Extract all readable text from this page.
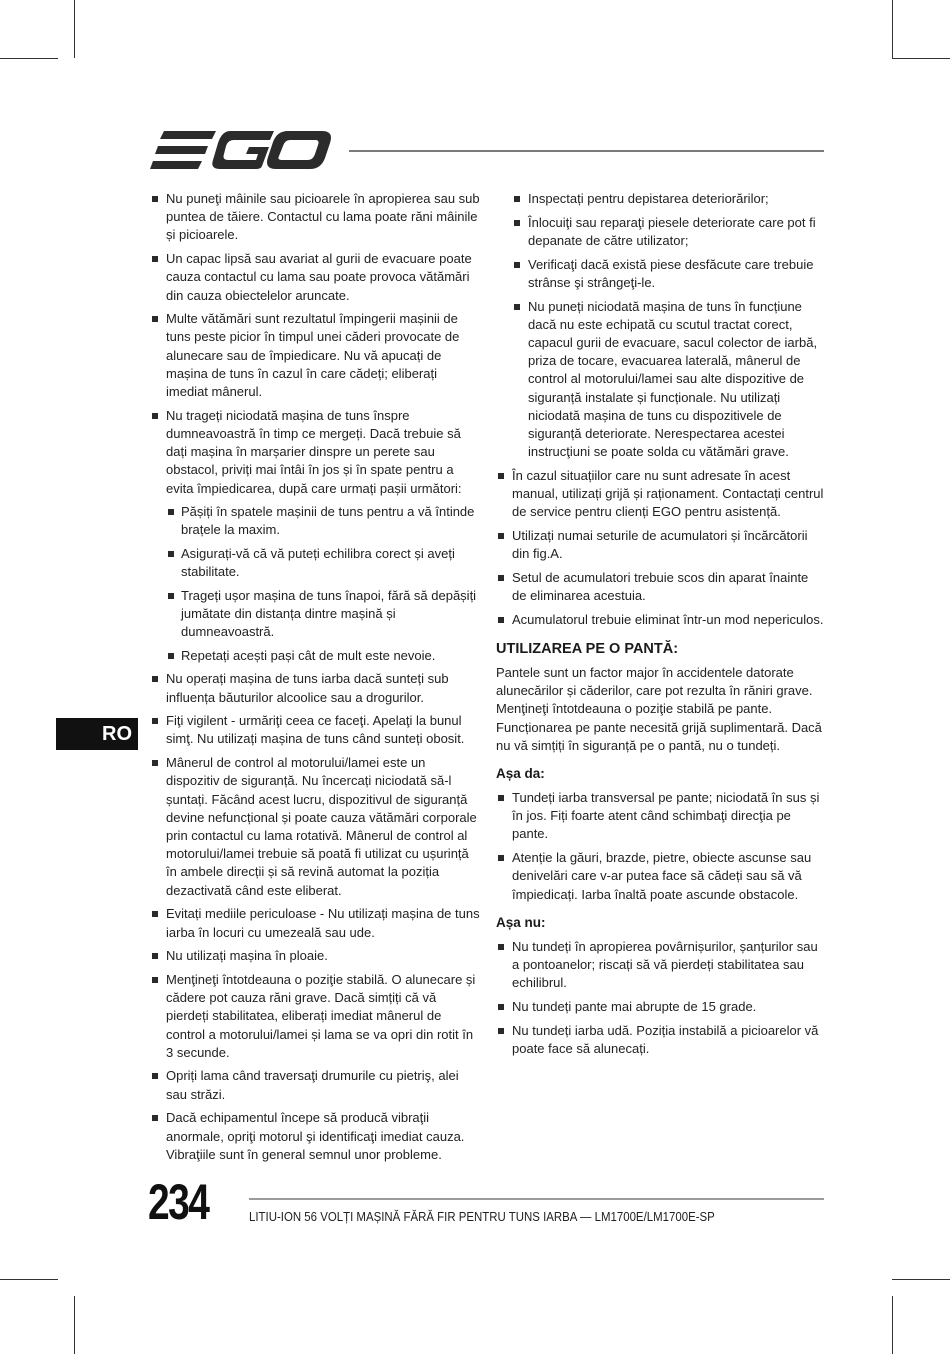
Nu puneţi mâinile sau picioarele în apropierea sau sub puntea de tăiere. Contactul cu lama poate răni mâinile și picioarele.
Un capac lipsă sau avariat al gurii de evacuare poate cauza contactul cu lama sau poate provoca vătămări din cauza obiectelelor aruncate.
Multe vătămări sunt rezultatul împingerii mașinii de tuns peste picior în timpul unei căderi provocate de alunecare sau de împiedicare. Nu vă apucați de mașina de tuns în cazul în care cădeți; eliberați imediat mânerul.
Nu trageți niciodată mașina de tuns înspre dumneavoastră în timp ce mergeți. Dacă trebuie să dați mașina în marșarier dinspre un perete sau obstacol, priviți mai întâi în jos și în spate pentru a evita împiedicarea, după care urmați pașii următori:
Pășiți în spatele mașinii de tuns pentru a vă întinde brațele la maxim.
Asigurați-vă că vă puteți echilibra corect și aveți stabilitate.
Trageți ușor mașina de tuns înapoi, fără să depășiți jumătate din distanța dintre mașină și dumneavoastră.
Repetați acești pași cât de mult este nevoie.
Nu operați mașina de tuns iarba dacă sunteți sub influența băuturilor alcoolice sau a drogurilor.
Fiţi vigilent - urmăriţi ceea ce faceţi. Apelaţi la bunul simţ. Nu utilizați mașina de tuns când sunteți obosit.
Mânerul de control al motorului/lamei este un dispozitiv de siguranță. Nu încercați niciodată să-l șuntați. Făcând acest lucru, dispozitivul de siguranță devine nefuncțional și poate cauza vătămări corporale prin contactul cu lama rotativă. Mânerul de control al motorului/lamei trebuie să poată fi utilizat cu ușurință în ambele direcții și să revină automat la poziția dezactivată când este eliberat.
Evitați mediile periculoase - Nu utilizați mașina de tuns iarba în locuri cu umezeală sau ude.
Nu utilizați mașina în ploaie.
Menţineţi întotdeauna o poziţie stabilă. O alunecare și cădere pot cauza răni grave. Dacă simțiți că vă pierdeți stabilitatea, eliberați imediat mânerul de control a motorului/lamei și lama se va opri din rotit în 3 secunde.
Opriți lama când traversaţi drumurile cu pietriş, alei sau străzi.
Dacă echipamentul începe să producă vibraţii anormale, opriţi motorul şi identificaţi imediat cauza. Vibraţiile sunt în general semnul unor probleme.
Inspectați pentru depistarea deteriorărilor;
Înlocuiţi sau reparaţi piesele deteriorate care pot fi depanate de către utilizator;
Verificaţi dacă există piese desfăcute care trebuie strânse şi strângeţi-le.
Nu puneți niciodată mașina de tuns în funcțiune dacă nu este echipată cu scutul tractat corect, capacul gurii de evacuare, sacul colector de iarbă, priza de tocare, evacuarea laterală, mânerul de control al motorului/lamei sau alte dispozitive de siguranță instalate și funcționale. Nu utilizați niciodată mașina de tuns cu dispozitivele de siguranță deteriorate. Nerespectarea acestei instrucţiuni se poate solda cu vătămări grave.
În cazul situațiilor care nu sunt adresate în acest manual, utilizați grijă și raționament. Contactați centrul de service pentru clienți EGO pentru asistență.
Utilizați numai seturile de acumulatori și încărcătorii din fig.A.
Setul de acumulatori trebuie scos din aparat înainte de eliminarea acestuia.
Acumulatorul trebuie eliminat într-un mod nepericulos.
UTILIZAREA PE O PANTĂ:

Pantele sunt un factor major în accidentele datorate alunecărilor și căderilor, care pot rezulta în răniri grave. Menţineţi întotdeauna o poziţie stabilă pe pante. Funcționarea pe pante necesită grijă suplimentară. Dacă nu vă simțiți în siguranță pe o pantă, nu o tundeți.

Așa da:
Tundeți iarba transversal pe pante; niciodată în sus și în jos. Fiți foarte atent când schimbaţi direcţia pe pante.
Atenție la găuri, brazde, pietre, obiecte ascunse sau denivelări care v-ar putea face să cădeți sau să vă împiedicați. Iarba înaltă poate ascunde obstacole.
Așa nu:
Nu tundeți în apropierea povârnișurilor, șanțurilor sau a pontoanelor; riscați să vă pierdeți stabilitatea sau echilibrul.
Nu tundeți pante mai abrupte de 15 grade.
Nu tundeți iarba udă. Poziția instabilă a picioarelor vă poate face să alunecați.
RO
234	LITIU-ION 56 VOLȚI MAȘINĂ FĂRĂ FIR PENTRU TUNS IARBA — LM1700E/LM1700E-SP
